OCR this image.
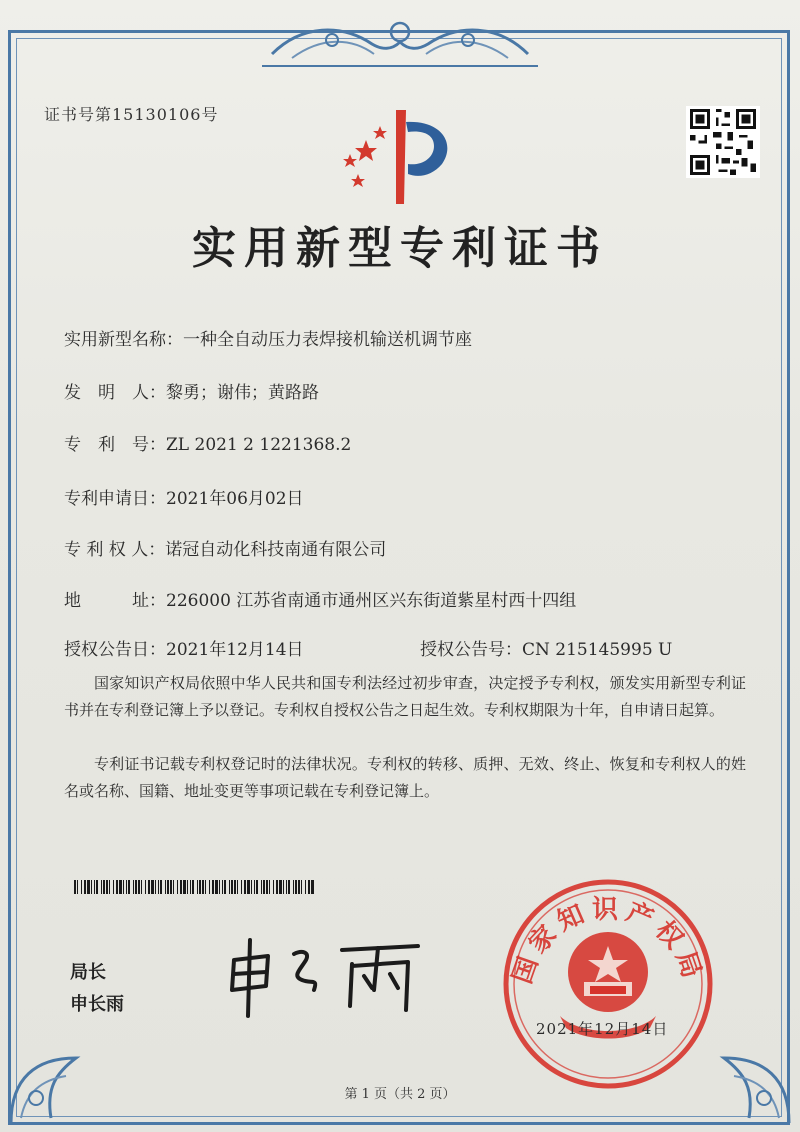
证书号第15130106号
实用新型专利证书
实用新型名称：一种全自动压力表焊接机输送机调节座
发　明　人：黎勇；谢伟；黄路路
专　利　号：ZL 2021 2 1221368.2
专利申请日：2021年06月02日
专 利 权 人：诺冠自动化科技南通有限公司
地　　　址：226000 江苏省南通市通州区兴东街道紫星村西十四组
授权公告日：2021年12月14日	授权公告号：CN 215145995 U
国家知识产权局依照中华人民共和国专利法经过初步审查，决定授予专利权，颁发实用新型专利证书并在专利登记簿上予以登记。专利权自授权公告之日起生效。专利权期限为十年，自申请日起算。
专利证书记载专利权登记时的法律状况。专利权的转移、质押、无效、终止、恢复和专利权人的姓名或名称、国籍、地址变更等事项记载在专利登记簿上。
局长
申长雨
国家知识产权局
2021年12月14日
第 1 页（共 2 页）
